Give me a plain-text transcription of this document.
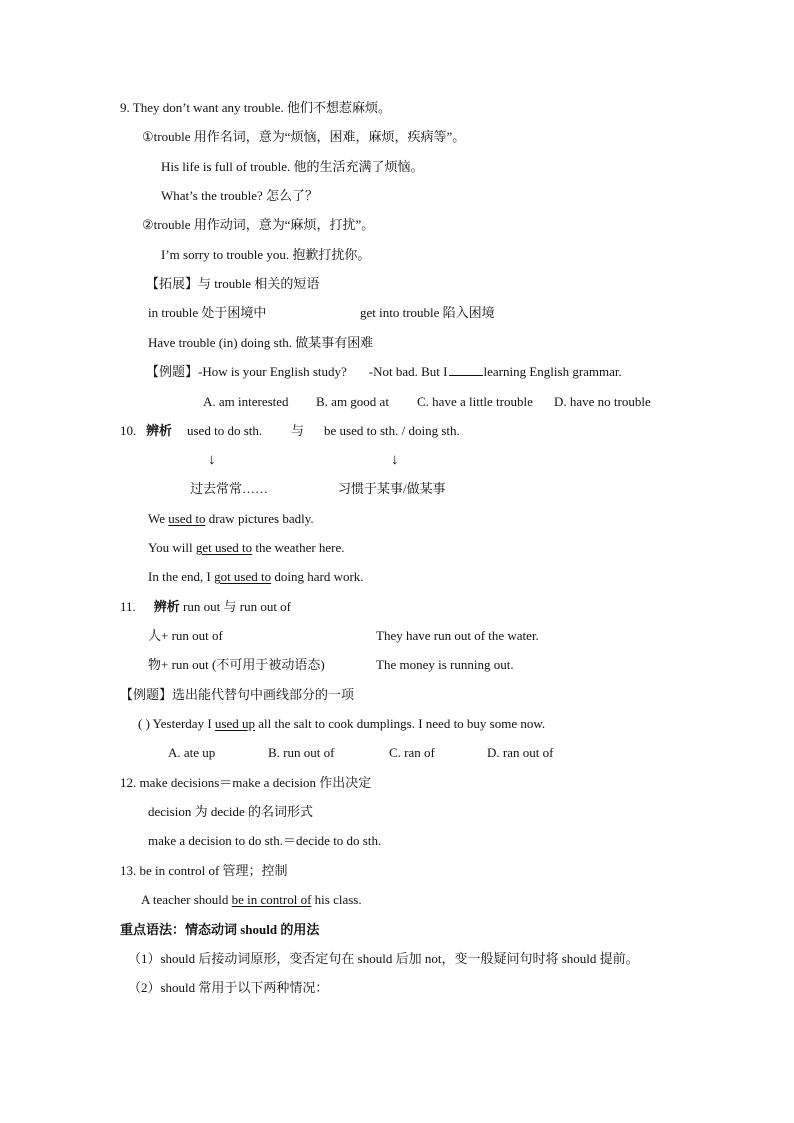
9. They don’t want any trouble. 他们不想惹麻烦。
①trouble 用作名词，意为“烦恼，困难，麻烦，疾病等”。
His life is full of trouble. 他的生活充满了烦恼。
What’s the trouble? 怎么了？
②trouble 用作动词，意为“麻烦，打扰”。
I’m sorry to trouble you. 抱歉打扰你。
【拓展】与 trouble 相关的短语
in trouble 处于困境中	get into trouble 陷入困境
Have trouble (in) doing sth. 做某事有困难
【例题】-How is your English study? -Not bad. But I	learning English grammar.
A. am interested B. am good at C. have a little trouble D. have no trouble
10. 辨析 used to do sth. 与 be used to sth. / doing sth.
↓	↓
过去常常……	习惯于某事/做某事
We used to draw pictures badly.
You will get used to the weather here.
In the end, I got used to doing hard work.
11. 辨析 run out 与 run out of
人+ run out of	They have run out of the water.
物+ run out (不可用于被动语态)	The money is running out.
【例题】选出能代替句中画线部分的一项
( ) Yesterday I used up all the salt to cook dumplings. I need to buy some now.
A. ate up	B. run out of	C. ran of	D. ran out of
12. make decisions＝make a decision 作出决定
decision 为 decide 的名词形式
make a decision to do sth.＝decide to do sth.
13. be in control of 管理；控制
A teacher should be in control of his class.
重点语法：情态动词 should 的用法
（1）should 后接动词原形，变否定句在 should 后加 not，变一般疑问句时将 should 提前。
（2）should 常用于以下两种情况：
